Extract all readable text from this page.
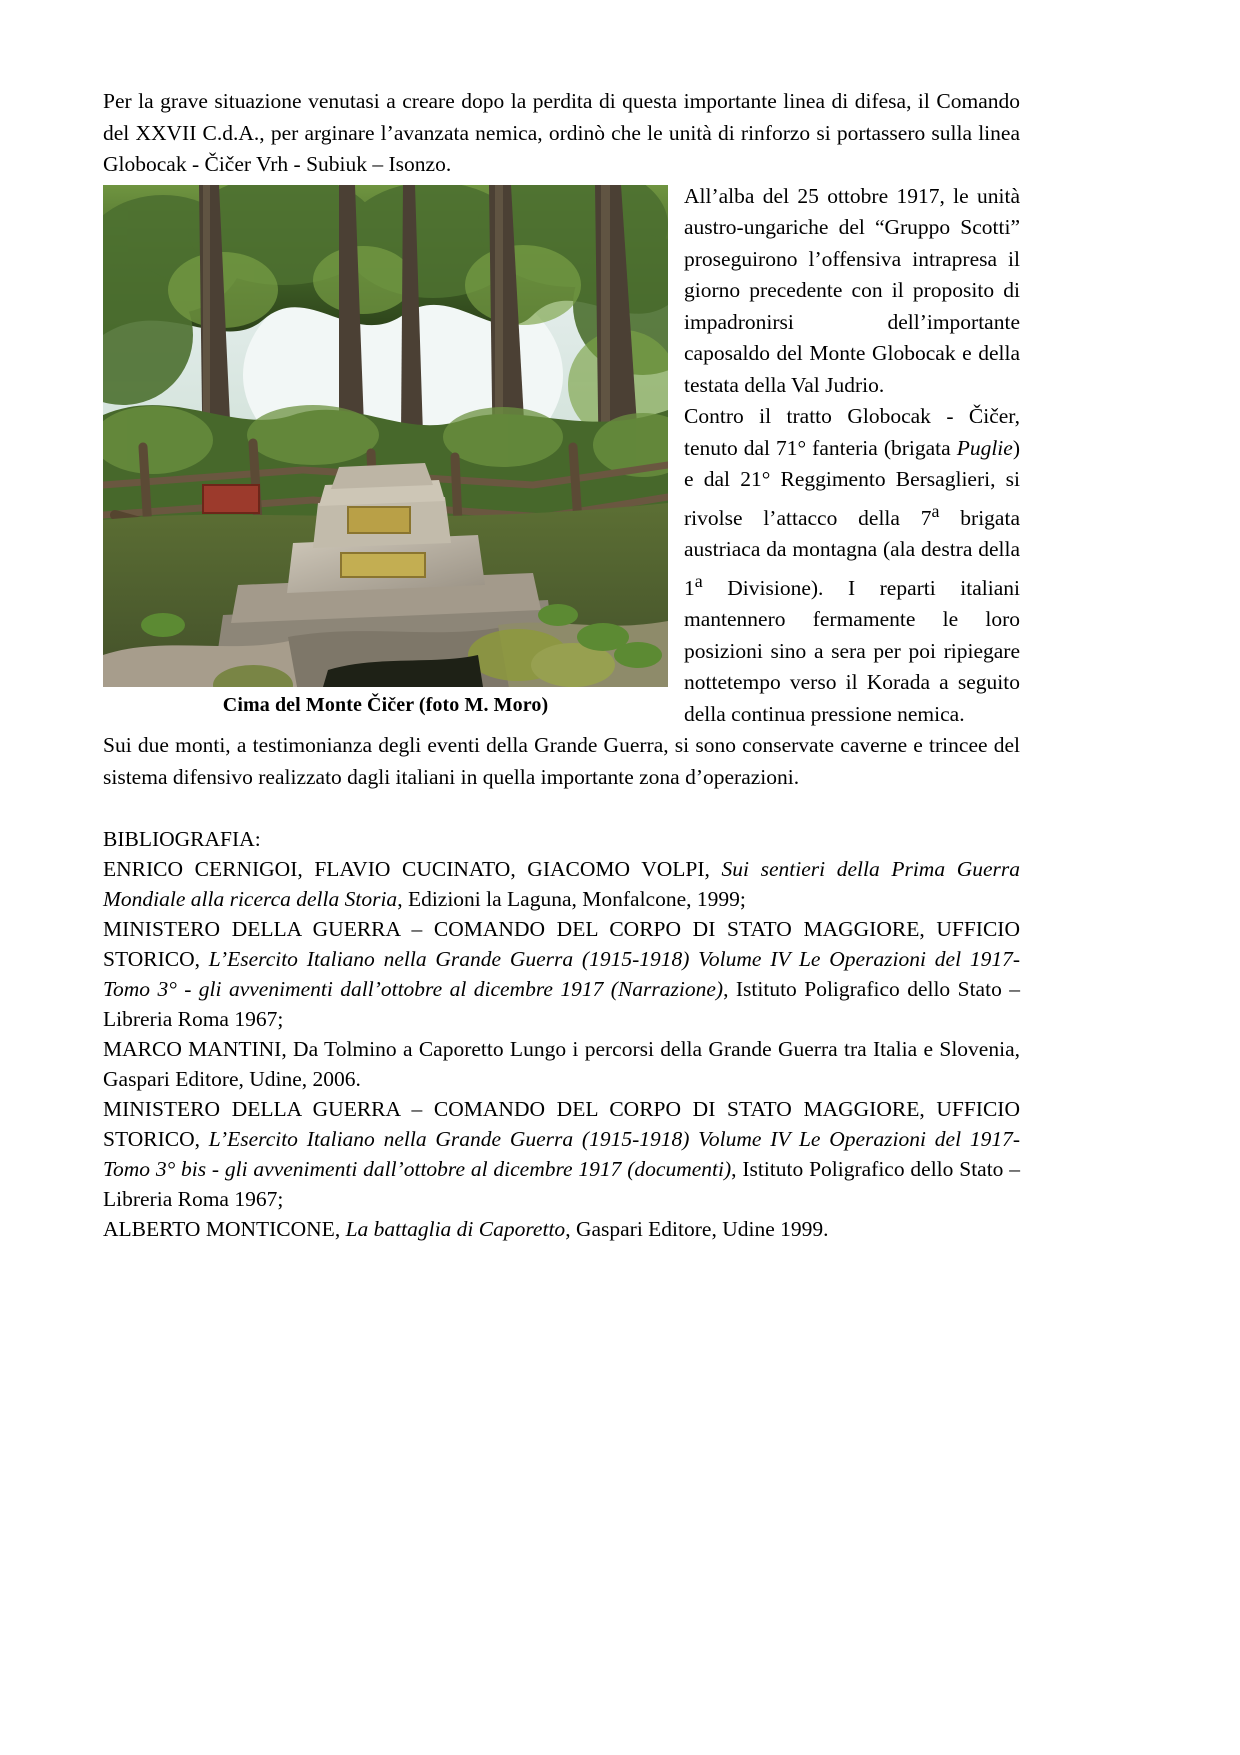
Per la grave situazione venutasi a creare dopo la perdita di questa importante linea di difesa, il Comando del XXVII C.d.A., per arginare l’avanzata nemica, ordinò che le unità di rinforzo si portassero sulla linea Globocak - Čičer Vrh - Subiuk – Isonzo.

Cima del Monte Čičer (foto M. Moro)

All’alba del 25 ottobre 1917, le unità austro-ungariche del “Gruppo Scotti” proseguirono l’offensiva intrapresa il giorno precedente con il proposito di impadronirsi dell’importante caposaldo del Monte Globocak e della testata della Val Judrio.

Contro il tratto Globocak - Čičer, tenuto dal 71° fanteria (brigata Puglie) e dal 21° Reggimento Bersaglieri, si rivolse l’attacco della 7$^a$ brigata austriaca da montagna (ala destra della 1$^a$ Divisione). I reparti italiani mantennero fermamente le loro posizioni sino a sera per poi ripiegare nottetempo verso il Korada a seguito della continua pressione nemica.

Sui due monti, a testimonianza degli eventi della Grande Guerra, si sono conservate caverne e trincee del sistema difensivo realizzato dagli italiani in quella importante zona d’operazioni.

BIBLIOGRAFIA:

ENRICO CERNIGOI, FLAVIO CUCINATO, GIACOMO VOLPI, Sui sentieri della Prima Guerra Mondiale alla ricerca della Storia, Edizioni la Laguna, Monfalcone, 1999;

MINISTERO DELLA GUERRA – COMANDO DEL CORPO DI STATO MAGGIORE, UFFICIO STORICO, L’Esercito Italiano nella Grande Guerra (1915-1918) Volume IV Le Operazioni del 1917- Tomo 3° - gli avvenimenti dall’ottobre al dicembre 1917 (Narrazione), Istituto Poligrafico dello Stato – Libreria Roma 1967;

MARCO MANTINI, Da Tolmino a Caporetto Lungo i percorsi della Grande Guerra tra Italia e Slovenia, Gaspari Editore, Udine, 2006.

MINISTERO DELLA GUERRA – COMANDO DEL CORPO DI STATO MAGGIORE, UFFICIO STORICO, L’Esercito Italiano nella Grande Guerra (1915-1918) Volume IV Le Operazioni del 1917- Tomo 3° bis - gli avvenimenti dall’ottobre al dicembre 1917 (documenti), Istituto Poligrafico dello Stato – Libreria Roma 1967;

ALBERTO MONTICONE, La battaglia di Caporetto, Gaspari Editore, Udine 1999.
